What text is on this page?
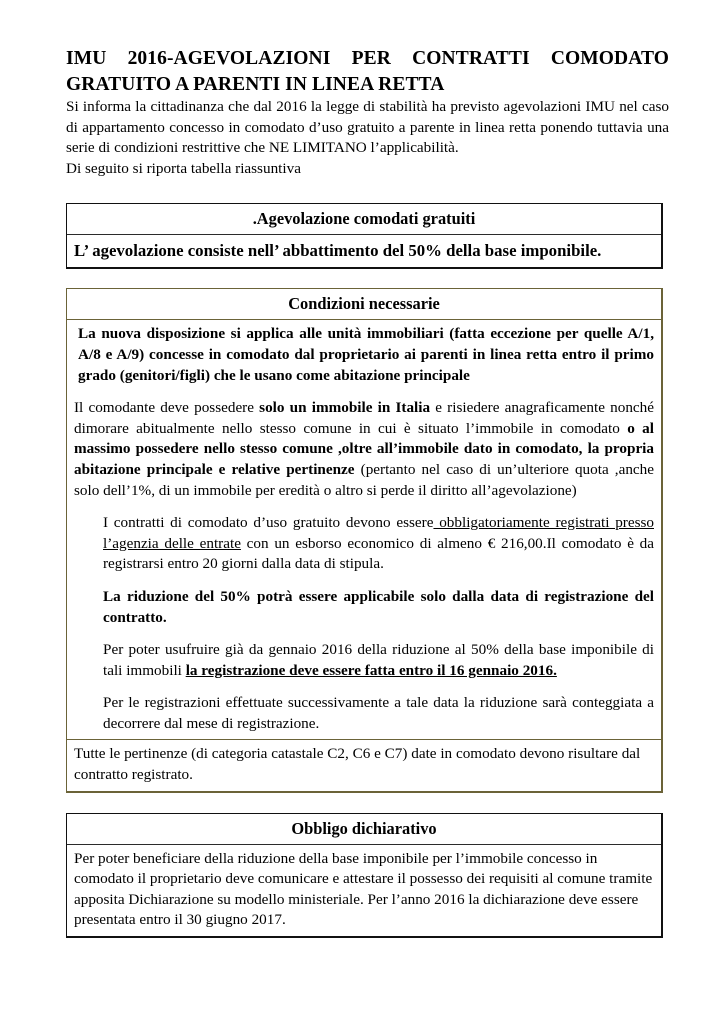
IMU 2016-AGEVOLAZIONI PER CONTRATTI COMODATO
GRATUITO A PARENTI IN LINEA RETTA

Si informa la cittadinanza che dal 2016 la legge di stabilità ha previsto agevolazioni IMU nel caso di appartamento concesso in comodato d’uso gratuito a parente in linea retta ponendo tuttavia una serie di condizioni restrittive che NE LIMITANO l’applicabilità.

Di seguito si riporta tabella riassuntiva

.Agevolazione comodati gratuiti
L’ agevolazione consiste nell’ abbattimento del 50% della base imponibile.
Condizioni necessarie

La nuova disposizione si applica alle unità immobiliari (fatta eccezione per quelle A/1, A/8 e A/9) concesse in comodato dal proprietario ai parenti in linea retta entro il primo grado (genitori/figli) che le usano come abitazione principale

Il comodante deve possedere solo un immobile in Italia e risiedere anagraficamente nonché dimorare abitualmente nello stesso comune in cui è situato l’immobile in comodato o al massimo possedere nello stesso comune ,oltre all’immobile dato in comodato, la propria abitazione principale e relative pertinenze (pertanto nel caso di un’ulteriore quota ,anche solo dell’1%, di un immobile per eredità o altro si perde il diritto all’agevolazione)

I contratti di comodato d’uso gratuito devono essere obbligatoriamente registrati presso l’agenzia delle entrate con un esborso economico di almeno € 216,00.Il comodato è da registrarsi entro 20 giorni dalla data di stipula.

La riduzione del 50% potrà essere applicabile solo dalla data di registrazione del contratto.

Per poter usufruire già da gennaio 2016 della riduzione al 50% della base imponibile di tali immobili la registrazione deve essere fatta entro il 16 gennaio 2016.

Per le registrazioni effettuate successivamente a tale data la riduzione sarà conteggiata a decorrere dal mese di registrazione.

Tutte le pertinenze (di categoria catastale C2, C6 e C7) date in comodato devono risultare dal contratto registrato.
Obbligo dichiarativo
Per poter beneficiare della riduzione della base imponibile per l’immobile concesso in comodato il proprietario deve comunicare e attestare il possesso dei requisiti al comune tramite apposita Dichiarazione su modello ministeriale. Per l’anno 2016 la dichiarazione deve essere presentata entro il 30 giugno 2017.
